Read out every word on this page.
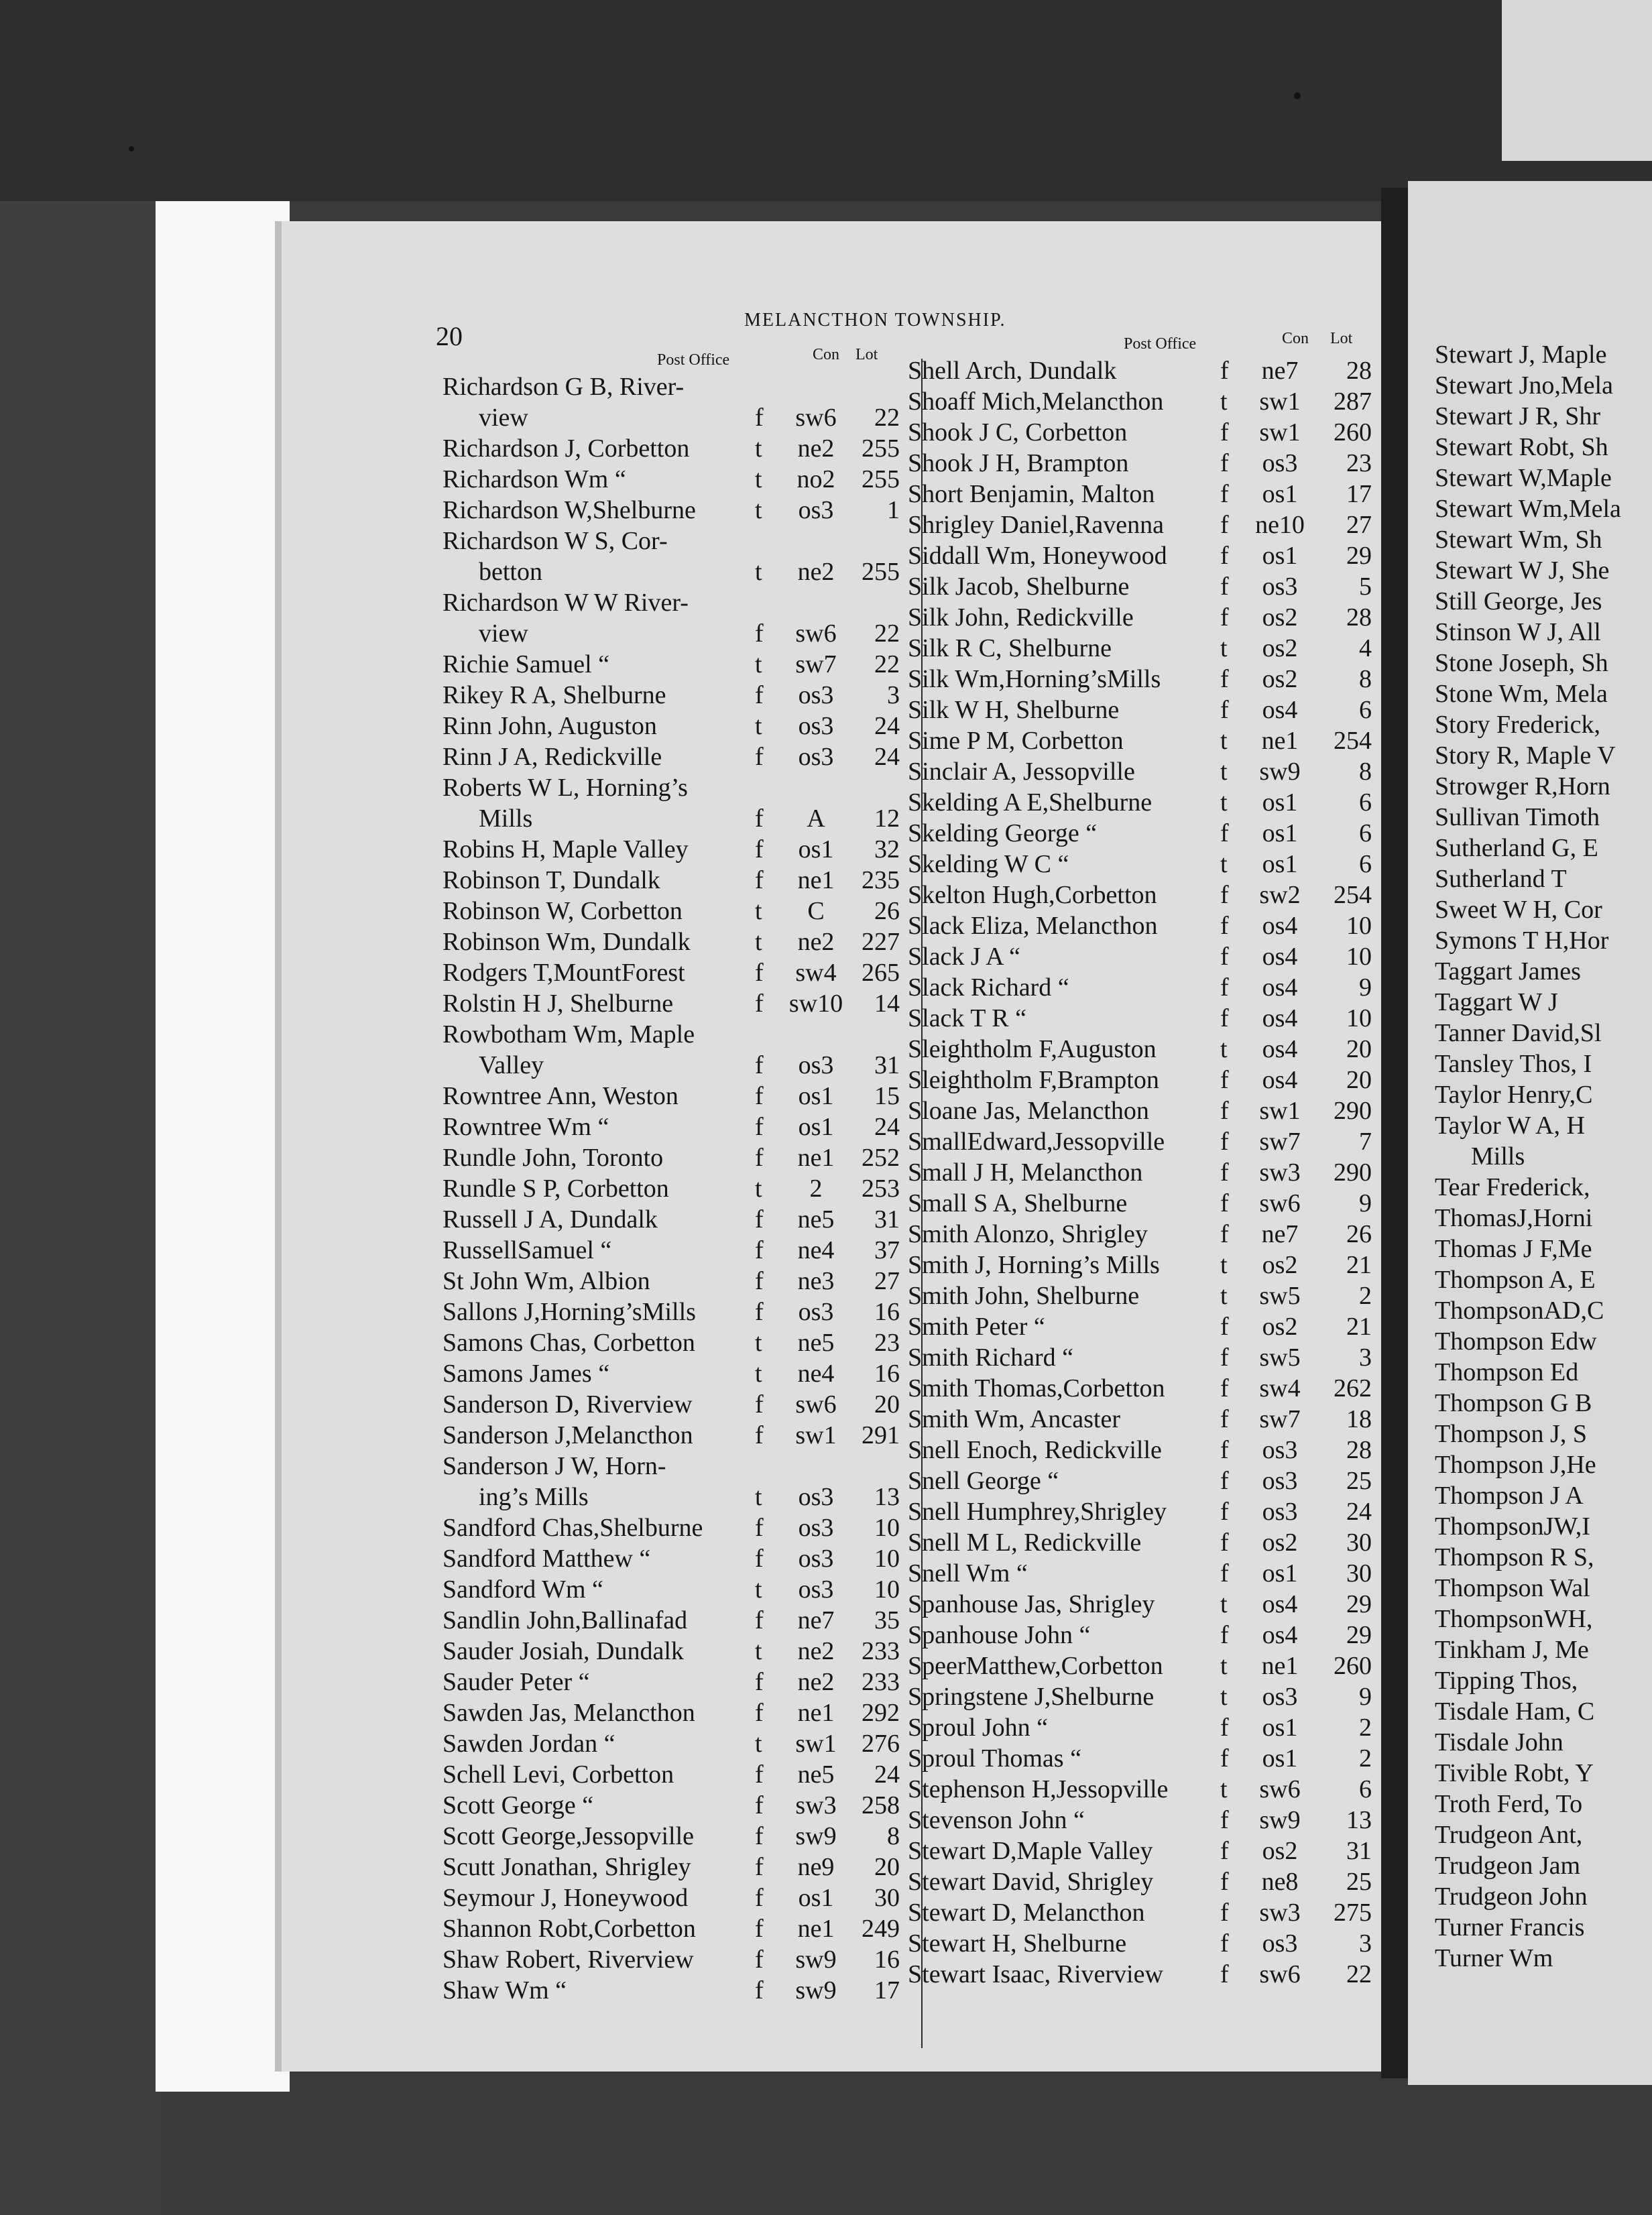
20
MELANCTHON TOWNSHIP.
Post Office	Con Lot
Post Office	Con Lot
Richardson G B, River-
view	f	sw6	22
Richardson J, Corbetton	t	ne2	255
Richardson Wm “	t	no2	255
Richardson W,Shelburne t	os3	1
Richardson W S, Cor-
betton	t	ne2	255
Richardson W W River-
view	f	sw6	22
Richie Samuel “	t	sw7	22
Rikey R A, Shelburne	f	os3	3
Rinn John, Auguston	t	os3	24
Rinn J A, Redickville	f	os3	24
Roberts W L, Horning’s
Mills	f	A	12
Robins H, Maple Valley	f	os1	32
Robinson T, Dundalk	f	ne1	235
Robinson W, Corbetton	t	C	26
Robinson Wm, Dundalk	t	ne2	227
Rodgers T,MountForest	f	sw4 265
Rolstin H J, Shelburne	f	sw10	14
Rowbotham Wm, Maple
Valley	f	os3	31
Rowntree Ann, Weston	f	os1	15
Rowntree Wm “	f	os1	24
Rundle John, Toronto	f	ne1	252
Rundle S P, Corbetton	t	2	253
Russell J A, Dundalk	f	ne5	31
RussellSamuel “	f	ne4	37
St John Wm, Albion	f	ne3	27
Sallons J,Horning’sMills f	os3	16
Samons Chas, Corbetton t	ne5	23
Samons James “	t	ne4	16
Sanderson D, Riverview f	sw6	20
Sanderson J,Melancthon f	sw1 291
Sanderson J W, Horn-
ing’s Mills	t	os3	13
Sandford Chas,Shelburne f	os3	10
Sandford Matthew “	f	os3	10
Sandford Wm “	t	os3	10
Sandlin John,Ballinafad	f	ne7	35
Sauder Josiah, Dundalk	t	ne2	233
Sauder Peter “	f	ne2	233
Sawden Jas, Melancthon f	ne1	292
Sawden Jordan “	t	sw1 276
Schell Levi, Corbetton	f	ne5	24
Scott George “	f	sw3 258
Scott George,Jessopville f	sw9	8
Scutt Jonathan, Shrigley	f	ne9	20
Seymour J, Honeywood	f	os1	30
Shannon Robt,Corbetton f	ne1	249
Shaw Robert, Riverview f	sw9	16
Shaw Wm “	f	sw9	17
Shell Arch, Dundalk	f	ne7	28
Shoaff Mich,Melancthon t	sw1	287
Shook J C, Corbetton	f	sw1	260
Shook J H, Brampton	f	os3	23
Short Benjamin, Malton	f	os1	17
Shrigley Daniel,Ravenna f	ne10	27
Siddall Wm, Honeywood f	os1	29
Silk Jacob, Shelburne	f	os3	5
Silk John, Redickville	f	os2	28
Silk R C, Shelburne	t	os2	4
Silk Wm,Horning’sMills f	os2	8
Silk W H, Shelburne	f	os4	6
Sime P M, Corbetton	t	ne1	254
Sinclair A, Jessopville	t	sw9	8
Skelding A E,Shelburne	t	os1	6
Skelding George “	f	os1	6
Skelding W C “	t	os1	6
Skelton Hugh,Corbetton f	sw2	254
Slack Eliza, Melancthon f	os4	10
Slack J A “	f	os4	10
Slack Richard “	f	os4	9
Slack T R “	f	os4	10
Sleightholm F,Auguston	t	os4	20
Sleightholm F,Brampton f	os4	20
Sloane Jas, Melancthon	f	sw1	290
SmallEdward,Jessopville f	sw7	7
Small J H, Melancthon	f	sw3	290
Small S A, Shelburne	f	sw6	9
Smith Alonzo, Shrigley	f	ne7	26
Smith J, Horning’s Mills t	os2	21
Smith John, Shelburne	t	sw5	2
Smith Peter “	f	os2	21
Smith Richard “	f	sw5	3
Smith Thomas,Corbetton f	sw4	262
Smith Wm, Ancaster	f	sw7	18
Snell Enoch, Redickville f	os3	28
Snell George “	f	os3	25
Snell Humphrey,Shrigley f	os3	24
Snell M L, Redickville	f	os2	30
Snell Wm “	f	os1	30
Spanhouse Jas, Shrigley	t	os4	29
Spanhouse John “	f	os4	29
SpeerMatthew,Corbetton t	ne1	260
Springstene J,Shelburne	t	os3	9
Sproul John “	f	os1	2
Sproul Thomas “	f	os1	2
Stephenson H,Jessopville t	sw6	6
Stevenson John “	f	sw9	13
Stewart D,Maple Valley	f	os2	31
Stewart David, Shrigley	f	ne8	25
Stewart D, Melancthon	f	sw3	275
Stewart H, Shelburne	f	os3	3
Stewart Isaac, Riverview f	sw6	22
Stewart J, Maple
Stewart Jno,Mela
Stewart J R, Shr
Stewart Robt, Sh
Stewart W,Maple
Stewart Wm,Mela
Stewart Wm, Sh
Stewart W J, She
Still George, Jes
Stinson W J, All
Stone Joseph, Sh
Stone Wm, Mela
Story Frederick,
Story R, Maple V
Strowger R,Horn
Sullivan Timoth
Sutherland G, E
Sutherland T
Sweet W H, Cor
Symons T H,Hor
Taggart James
Taggart W J
Tanner David,Sl
Tansley Thos, I
Taylor Henry,C
Taylor W A, H
Mills
Tear Frederick,
ThomasJ,Horni
Thomas J F,Me
Thompson A, E
ThompsonAD,C
Thompson Edw
Thompson Ed
Thompson G B
Thompson J, S
Thompson J,He
Thompson J A
ThompsonJW,I
Thompson R S,
Thompson Wal
ThompsonWH,
Tinkham J, Me
Tipping Thos,
Tisdale Ham, C
Tisdale John
Tivible Robt, Y
Troth Ferd, To
Trudgeon Ant,
Trudgeon Jam
Trudgeon John
Turner Francis
Turner Wm
